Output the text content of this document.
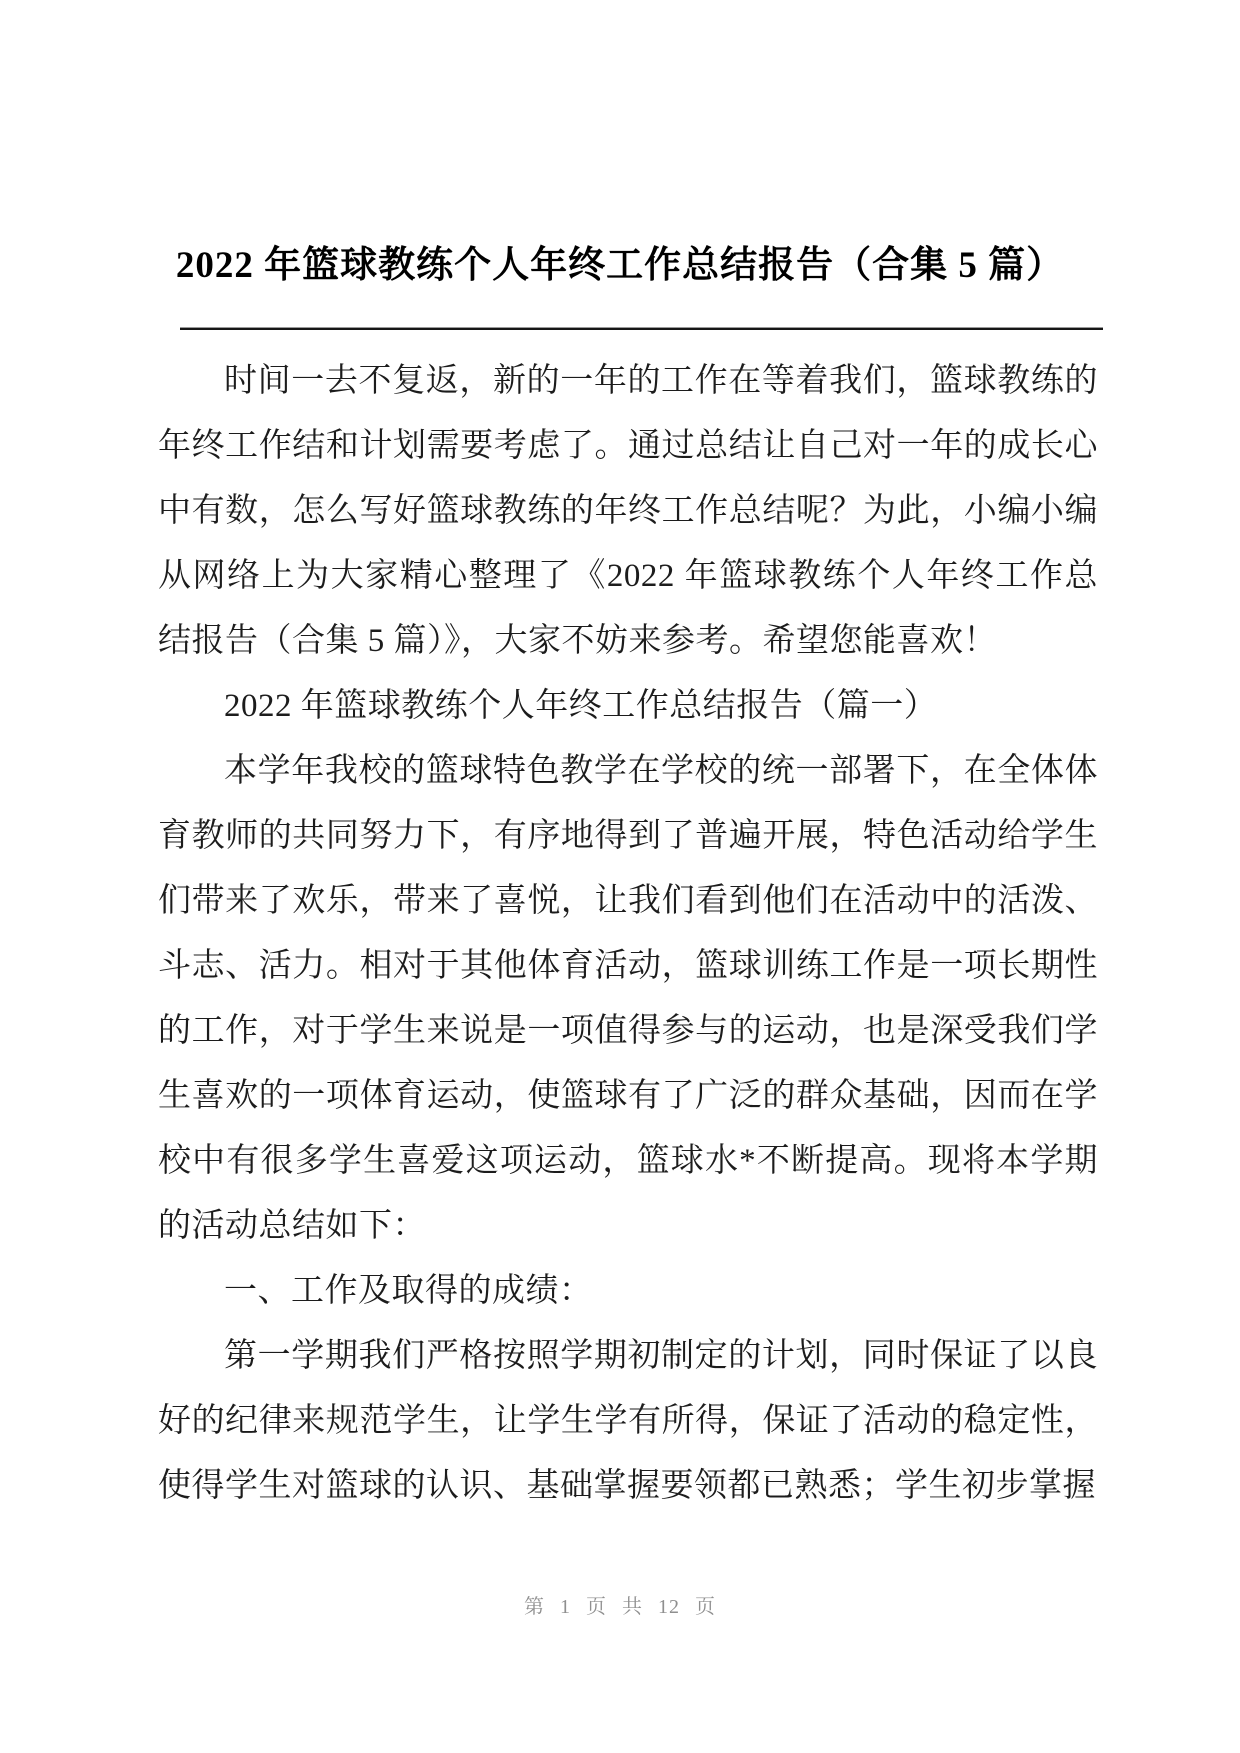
2022 年篮球教练个人年终工作总结报告（合集 5 篇）

时间一去不复返，新的一年的工作在等着我们，篮球教练的年终工作结和计划需要考虑了。通过总结让自己对一年的成长心中有数，怎么写好篮球教练的年终工作总结呢？为此，小编小编从网络上为大家精心整理了《2022 年篮球教练个人年终工作总结报告（合集 5 篇）》，大家不妨来参考。希望您能喜欢！

2022 年篮球教练个人年终工作总结报告（篇一）

本学年我校的篮球特色教学在学校的统一部署下，在全体体育教师的共同努力下，有序地得到了普遍开展，特色活动给学生们带来了欢乐，带来了喜悦，让我们看到他们在活动中的活泼、斗志、活力。相对于其他体育活动，篮球训练工作是一项长期性的工作，对于学生来说是一项值得参与的运动，也是深受我们学生喜欢的一项体育运动，使篮球有了广泛的群众基础，因而在学校中有很多学生喜爱这项运动，篮球水*不断提高。现将本学期的活动总结如下：

一、工作及取得的成绩：

第一学期我们严格按照学期初制定的计划，同时保证了以良好的纪律来规范学生，让学生学有所得，保证了活动的稳定性，使得学生对篮球的认识、基础掌握要领都已熟悉；学生初步掌握

第 1 页 共 12 页
